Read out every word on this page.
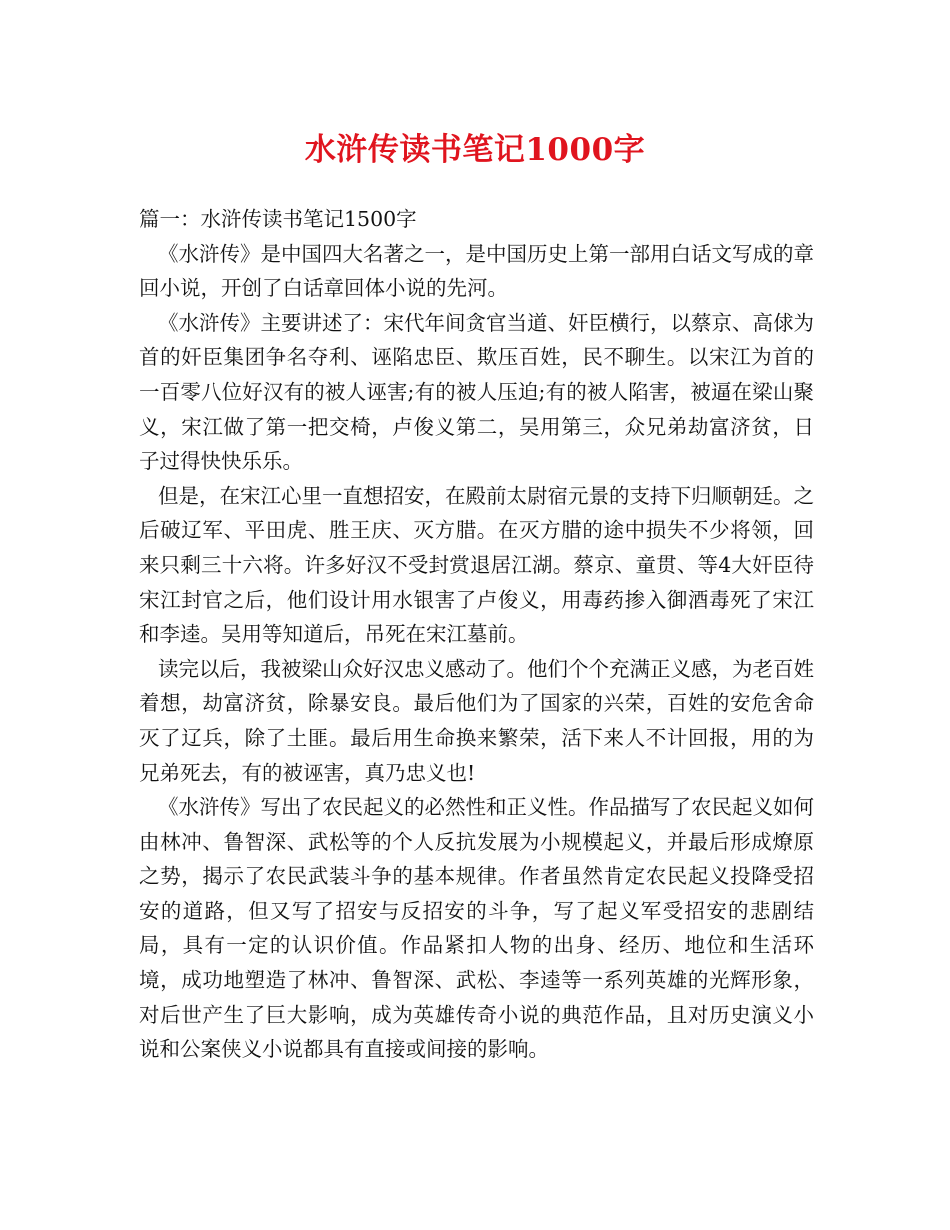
水浒传读书笔记1000字

篇一：水浒传读书笔记1500字

《水浒传》是中国四大名著之一，是中国历史上第一部用白话文写成的章回小说，开创了白话章回体小说的先河。

《水浒传》主要讲述了：宋代年间贪官当道、奸臣横行，以蔡京、高俅为首的奸臣集团争名夺利、诬陷忠臣、欺压百姓，民不聊生。以宋江为首的一百零八位好汉有的被人诬害;有的被人压迫;有的被人陷害，被逼在梁山聚义，宋江做了第一把交椅，卢俊义第二，吴用第三，众兄弟劫富济贫，日子过得快快乐乐。

但是，在宋江心里一直想招安，在殿前太尉宿元景的支持下归顺朝廷。之后破辽军、平田虎、胜王庆、灭方腊。在灭方腊的途中损失不少将领，回来只剩三十六将。许多好汉不受封赏退居江湖。蔡京、童贯、等4大奸臣待宋江封官之后，他们设计用水银害了卢俊义，用毒药掺入御酒毒死了宋江和李逵。吴用等知道后，吊死在宋江墓前。

读完以后，我被梁山众好汉忠义感动了。他们个个充满正义感，为老百姓着想，劫富济贫，除暴安良。最后他们为了国家的兴荣，百姓的安危舍命灭了辽兵，除了土匪。最后用生命换来繁荣，活下来人不计回报，用的为兄弟死去，有的被诬害，真乃忠义也!

《水浒传》写出了农民起义的必然性和正义性。作品描写了农民起义如何由林冲、鲁智深、武松等的个人反抗发展为小规模起义，并最后形成燎原之势，揭示了农民武装斗争的基本规律。作者虽然肯定农民起义投降受招安的道路，但又写了招安与反招安的斗争，写了起义军受招安的悲剧结局，具有一定的认识价值。作品紧扣人物的出身、经历、地位和生活环境，成功地塑造了林冲、鲁智深、武松、李逵等一系列英雄的光辉形象，对后世产生了巨大影响，成为英雄传奇小说的典范作品，且对历史演义小说和公案侠义小说都具有直接或间接的影响。
